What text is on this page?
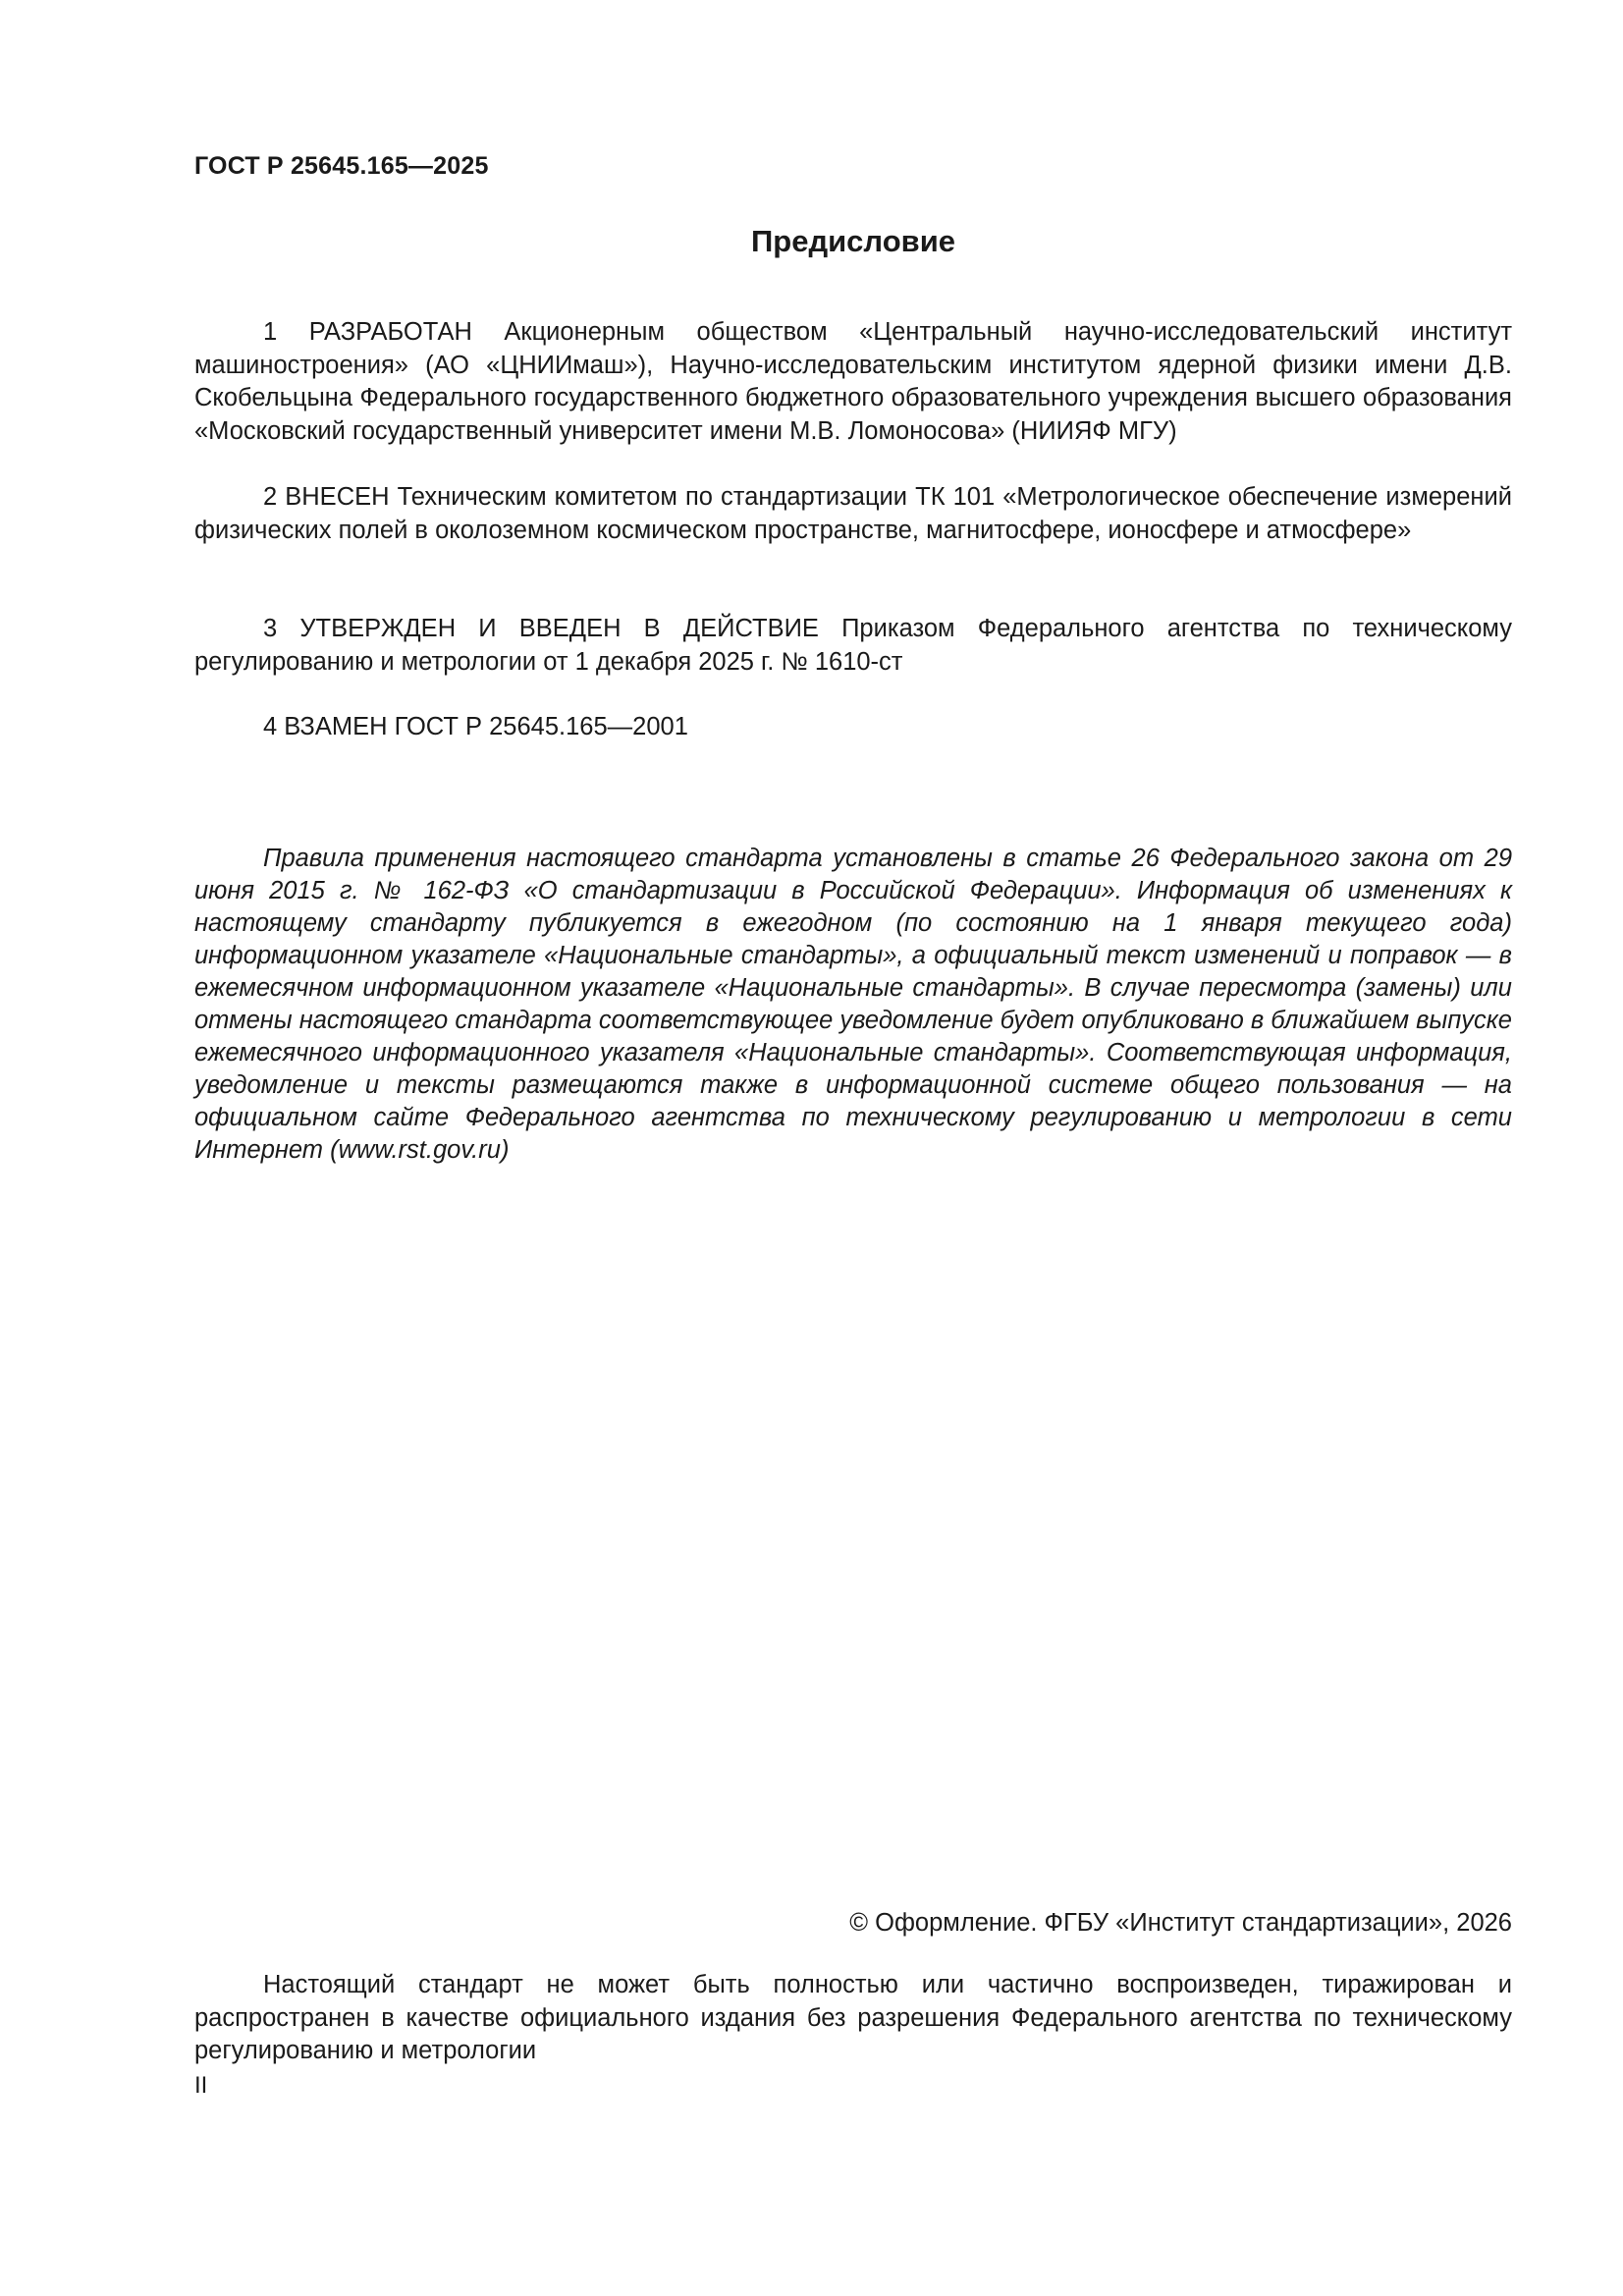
ГОСТ Р 25645.165—2025
Предисловие

1 РАЗРАБОТАН Акционерным обществом «Центральный научно-исследовательский институт машиностроения» (АО «ЦНИИмаш»), Научно-исследовательским институтом ядерной физики имени Д.В. Скобельцына Федерального государственного бюджетного образовательного учреждения высшего образования «Московский государственный университет имени М.В. Ломоносова» (НИИЯФ МГУ)

2 ВНЕСЕН Техническим комитетом по стандартизации ТК 101 «Метрологическое обеспечение измерений физических полей в околоземном космическом пространстве, магнитосфере, ионосфере и атмосфере»

3 УТВЕРЖДЕН И ВВЕДЕН В ДЕЙСТВИЕ Приказом Федерального агентства по техническому регулированию и метрологии от 1 декабря 2025 г. № 1610-ст

4 ВЗАМЕН ГОСТ Р 25645.165—2001

Правила применения настоящего стандарта установлены в статье 26 Федерального закона от 29 июня 2015 г. № 162-ФЗ «О стандартизации в Российской Федерации». Информация об изменениях к настоящему стандарту публикуется в ежегодном (по состоянию на 1 января текущего года) информационном указателе «Национальные стандарты», а официальный текст изменений и поправок — в ежемесячном информационном указателе «Национальные стандарты». В случае пересмотра (замены) или отмены настоящего стандарта соответствующее уведомление будет опубликовано в ближайшем выпуске ежемесячного информационного указателя «Национальные стандарты». Соответствующая информация, уведомление и тексты размещаются также в информационной системе общего пользования — на официальном сайте Федерального агентства по техническому регулированию и метрологии в сети Интернет (www.rst.gov.ru)

© Оформление. ФГБУ «Институт стандартизации», 2026

Настоящий стандарт не может быть полностью или частично воспроизведен, тиражирован и распространен в качестве официального издания без разрешения Федерального агентства по техническому регулированию и метрологии

II
